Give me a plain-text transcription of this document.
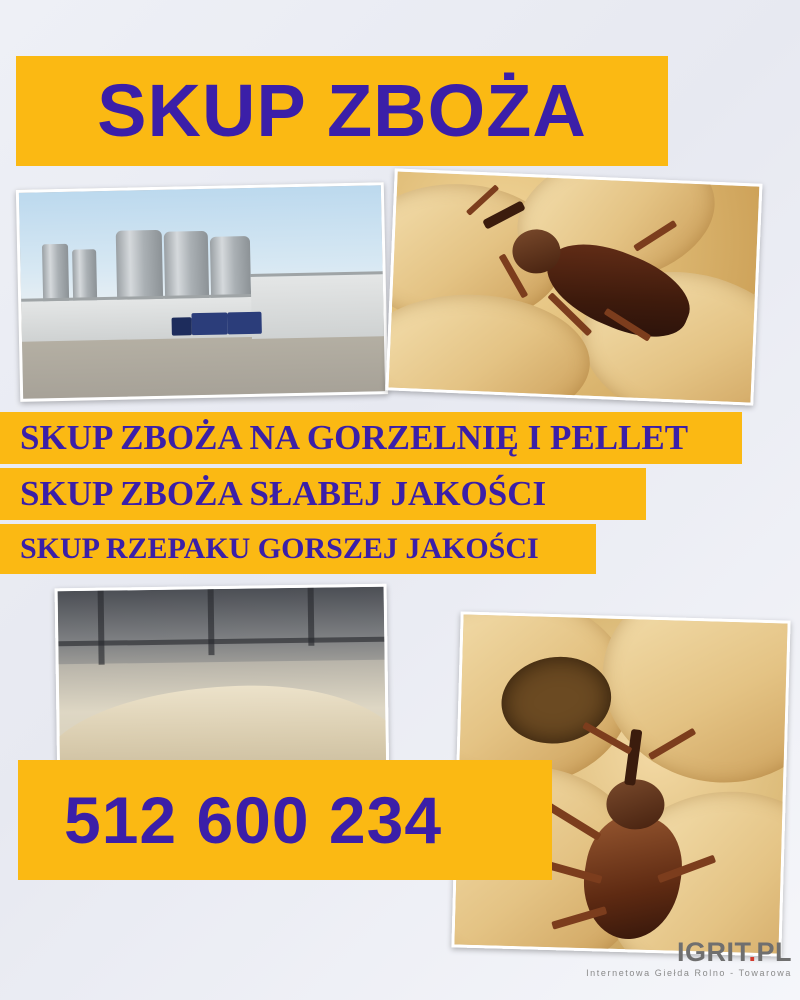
SKUP ZBOŻA
SKUP ZBOŻA NA GORZELNIĘ I PELLET
SKUP ZBOŻA SŁABEJ JAKOŚCI
SKUP RZEPAKU GORSZEJ JAKOŚCI
512 600 234
IGRIT.PL
Internetowa Giełda Rolno - Towarowa
